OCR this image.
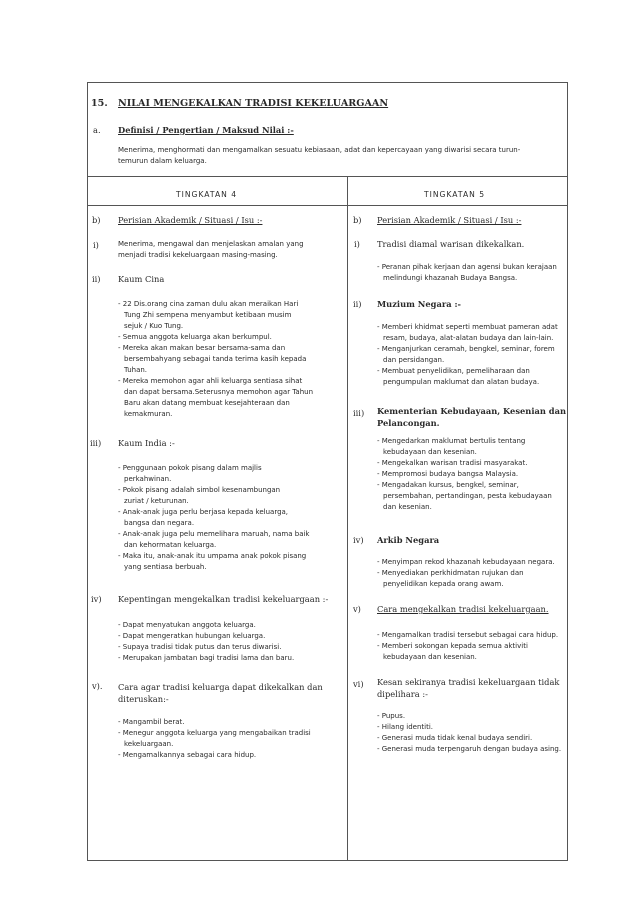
15. NILAI MENGEKALKAN TRADISI KEKELUARGAAN
a. Definisi / Pengertian / Maksud Nilai :-
Menerima, menghormati dan mengamalkan sesuatu kebiasaan, adat dan kepercayaan yang diwarisi secara turun-
temurun dalam keluarga.
TINGKATAN 4	TINGKATAN 5
b) Perisian Akademik / Situasi / Isu :-
i)	Menerima, mengawal dan menjelaskan amalan yang
menjadi tradisi kekeluargaan masing-masing.
ii) Kaum Cina
- 22 Dis.orang cina zaman dulu akan meraikan Hari
Tung Zhi sempena menyambut ketibaan musim
sejuk / Kuo Tung.
- Semua anggota keluarga akan berkumpul.
- Mereka akan makan besar bersama-sama dan
bersembahyang sebagai tanda terima kasih kepada
Tuhan.
- Mereka memohon agar ahli keluarga sentiasa sihat
dan dapat bersama.Seterusnya memohon agar Tahun
Baru akan datang membuat kesejahteraan dan
kemakmuran.
iii) Kaum India :-
- Penggunaan pokok pisang dalam majlis
perkahwinan.
- Pokok pisang adalah simbol kesenambungan
zuriat / keturunan.
- Anak-anak juga perlu berjasa kepada keluarga,
bangsa dan negara.
- Anak-anak juga pelu memelihara maruah, nama baik
dan kehormatan keluarga.
- Maka itu, anak-anak itu umpama anak pokok pisang
yang sentiasa berbuah.
iv) Kepentingan mengekalkan tradisi kekeluargaan :-
- Dapat menyatukan anggota keluarga.
- Dapat mengeratkan hubungan keluarga.
- Supaya tradisi tidak putus dan terus diwarisi.
- Merupakan jambatan bagi tradisi lama dan baru.
v). Cara agar tradisi keluarga dapat dikekalkan dan
diteruskan:-
- Mangambil berat.
- Menegur anggota keluarga yang mengabaikan tradisi
kekeluargaan.
- Mengamalkannya sebagai cara hidup.
b) Perisian Akademik / Situasi / Isu :-
i) Tradisi diamal warisan dikekalkan.
- Peranan pihak kerjaan dan agensi bukan kerajaan
melindungi khazanah Budaya Bangsa.
ii) Muzium Negara :-
- Memberi khidmat seperti membuat pameran adat
resam, budaya, alat-alatan budaya dan lain-lain.
- Menganjurkan ceramah, bengkel, seminar, forem
dan persidangan.
- Membuat penyelidikan, pemeliharaan dan
pengumpulan maklumat dan alatan budaya.
iii) Kementerian Kebudayaan, Kesenian dan
Pelancongan.
- Mengedarkan maklumat bertulis tentang
kebudayaan dan kesenian.
- Mengekalkan warisan tradisi masyarakat.
- Mempromosi budaya bangsa Malaysia.
- Mengadakan kursus, bengkel, seminar,
persembahan, pertandingan, pesta kebudayaan
dan kesenian.
iv) Arkib Negara
- Menyimpan rekod khazanah kebudayaan negara.
- Menyediakan perkhidmatan rujukan dan
penyelidikan kepada orang awam.
v) Cara mengekalkan tradisi kekeluargaan.
- Mengamalkan tradisi tersebut sebagai cara hidup.
- Memberi sokongan kepada semua aktiviti
kebudayaan dan kesenian.
vi) Kesan sekiranya tradisi kekeluargaan tidak
dipelihara :-
- Pupus.
- Hilang identiti.
- Generasi muda tidak kenal budaya sendiri.
- Generasi muda terpengaruh dengan budaya asing.
